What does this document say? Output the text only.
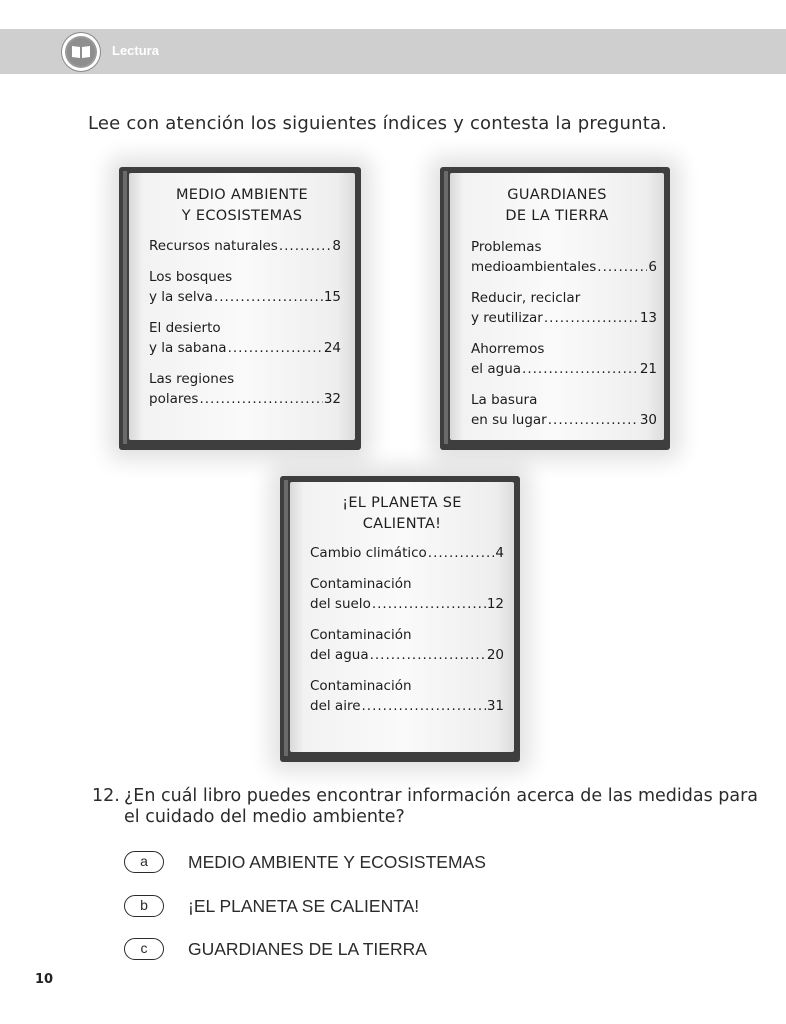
Lectura
Lee con atención los siguientes índices y contesta la pregunta.
MEDIO AMBIENTE
Y ECOSISTEMAS
Recursos naturales .....	8
Los bosques
y la selva .....	15
El desierto
y la sabana .....	24
Las regiones
polares .....	32
GUARDIANES
DE LA TIERRA
Problemas
medioambientales .....	6
Reducir, reciclar
y reutilizar .....	13
Ahorremos
el agua .....	21
La basura
en su lugar .....	30
¡EL PLANETA SE
CALIENTA!
Cambio climático .....	4
Contaminación
del suelo .....	12
Contaminación
del agua .....	20
Contaminación
del aire .....	31
12. ¿En cuál libro puedes encontrar información acerca de las medidas para el cuidado del medio ambiente?
a	MEDIO AMBIENTE Y ECOSISTEMAS
b	¡EL PLANETA SE CALIENTA!
c	GUARDIANES DE LA TIERRA
10
